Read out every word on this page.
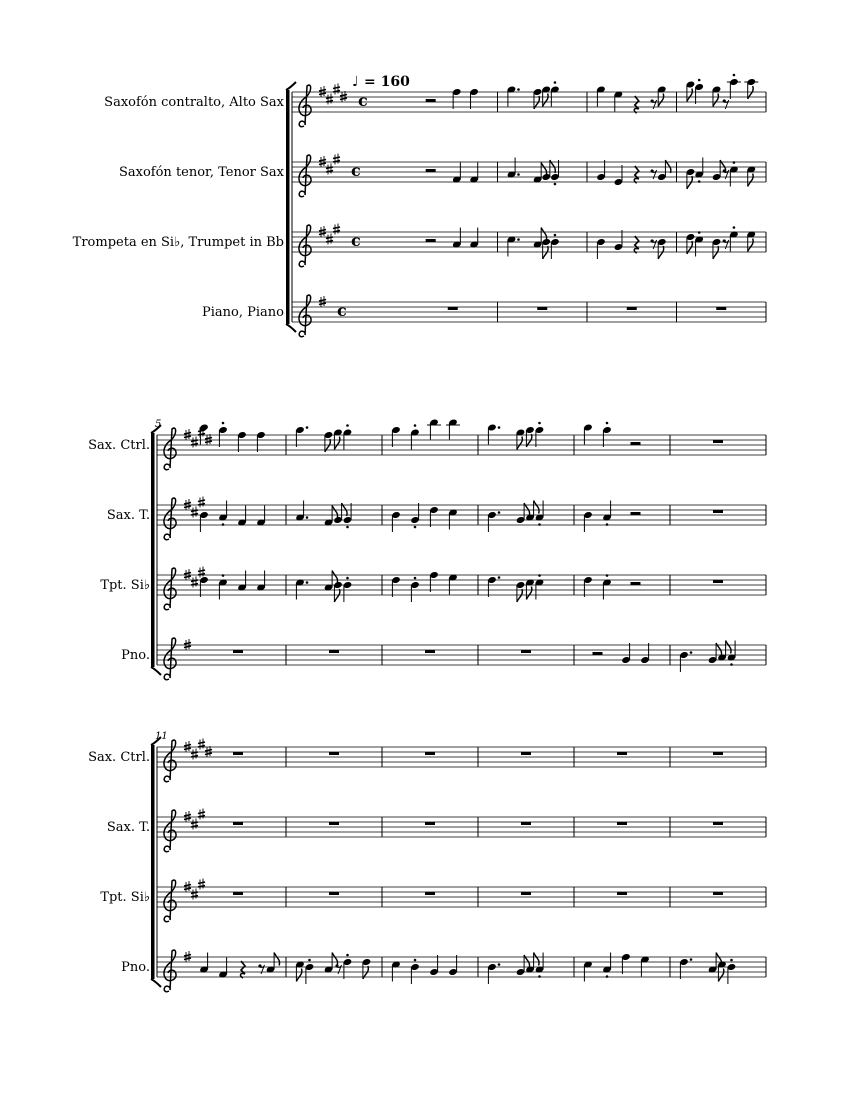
♩ = 160
Saxofón contralto, Alto Sax	c
Saxofón tenor, Tenor Sax	c
Trompeta en Si♭, Trumpet in Bb	c
Piano, Piano	c
5
Sax. Ctrl.
Sax. T.
Tpt. Si♭
Pno.
11
Sax. Ctrl.
Sax. T.
Tpt. Si♭
Pno.
